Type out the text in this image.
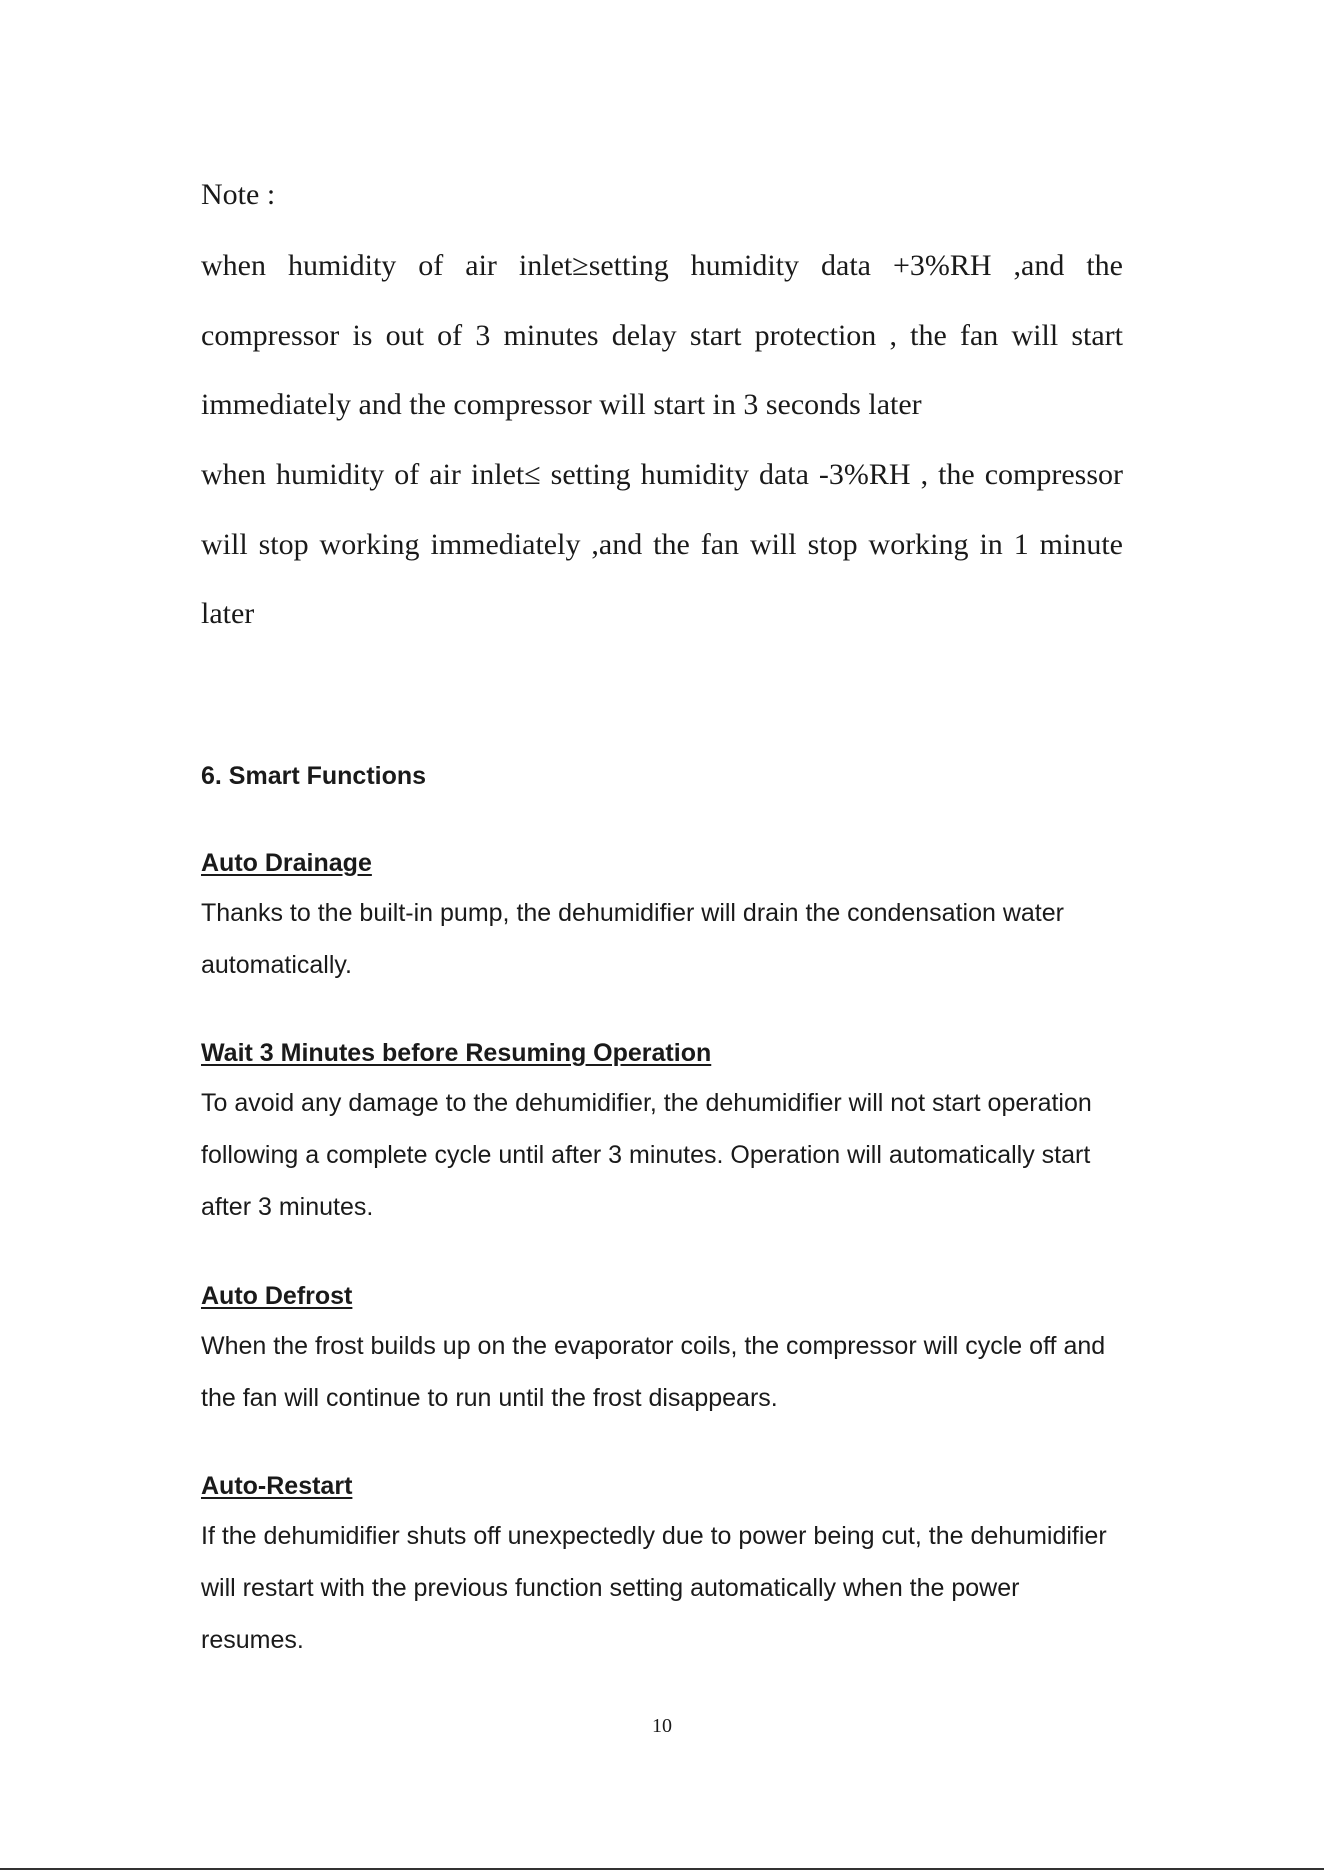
Note :

when humidity of air inlet≥setting humidity data +3%RH ,and the compressor is out of 3 minutes delay start protection , the fan will start immediately and the compressor will start in 3 seconds later

when humidity of air inlet≤ setting humidity data -3%RH , the compressor will stop working immediately ,and the fan will stop working in 1 minute later

6. Smart Functions
Auto Drainage

Thanks to the built-in pump, the dehumidifier will drain the condensation water automatically.

Wait 3 Minutes before Resuming Operation

To avoid any damage to the dehumidifier, the dehumidifier will not start operation following a complete cycle until after 3 minutes. Operation will automatically start after 3 minutes.

Auto Defrost

When the frost builds up on the evaporator coils, the compressor will cycle off and the fan will continue to run until the frost disappears.

Auto-Restart

If the dehumidifier shuts off unexpectedly due to power being cut, the dehumidifier will restart with the previous function setting automatically when the power resumes.

10
